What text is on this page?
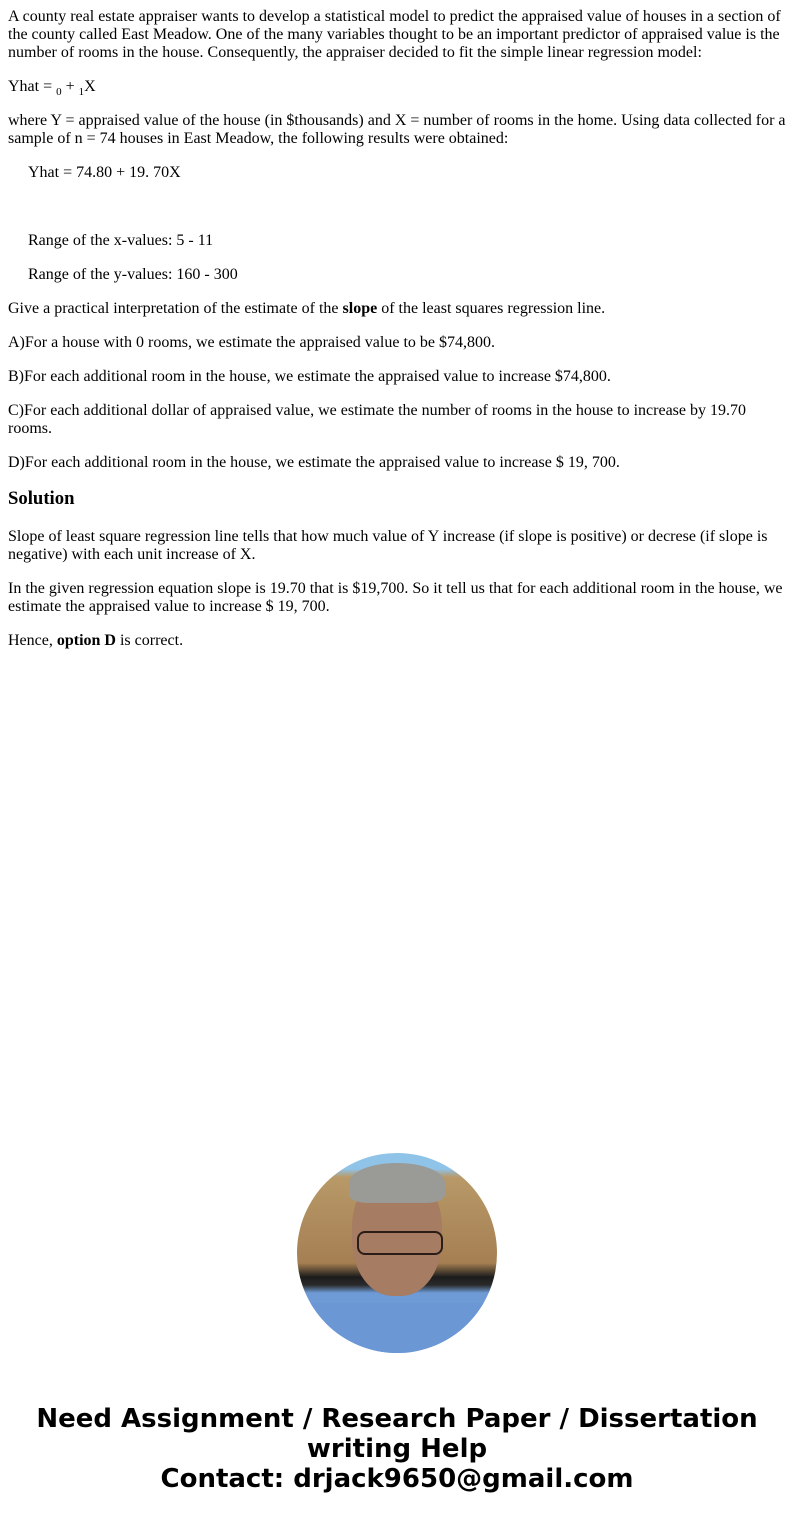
A county real estate appraiser wants to develop a statistical model to predict the appraised value of houses in a section of the county called East Meadow. One of the many variables thought to be an important predictor of appraised value is the number of rooms in the house. Consequently, the appraiser decided to fit the simple linear regression model:

Yhat = $_0$ + $_1$X

where Y = appraised value of the house (in $thousands) and X = number of rooms in the home. Using data collected for a sample of n = 74 houses in East Meadow, the following results were obtained:

Yhat = 74.80 + 19. 70X

Range of the x-values: 5 - 11

Range of the y-values: 160 - 300

Give a practical interpretation of the estimate of the slope of the least squares regression line.

A)For a house with 0 rooms, we estimate the appraised value to be $74,800.

B)For each additional room in the house, we estimate the appraised value to increase $74,800.

C)For each additional dollar of appraised value, we estimate the number of rooms in the house to increase by 19.70 rooms.

D)For each additional room in the house, we estimate the appraised value to increase $ 19, 700.

Solution

Slope of least square regression line tells that how much value of Y increase (if slope is positive) or decrese (if slope is negative) with each unit increase of X.

In the given regression equation slope is 19.70 that is $19,700. So it tell us that for each additional room in the house, we estimate the appraised value to increase $ 19, 700.

Hence, option D is correct.

Need Assignment / Research Paper / Dissertation
writing Help
Contact: drjack9650@gmail.com
